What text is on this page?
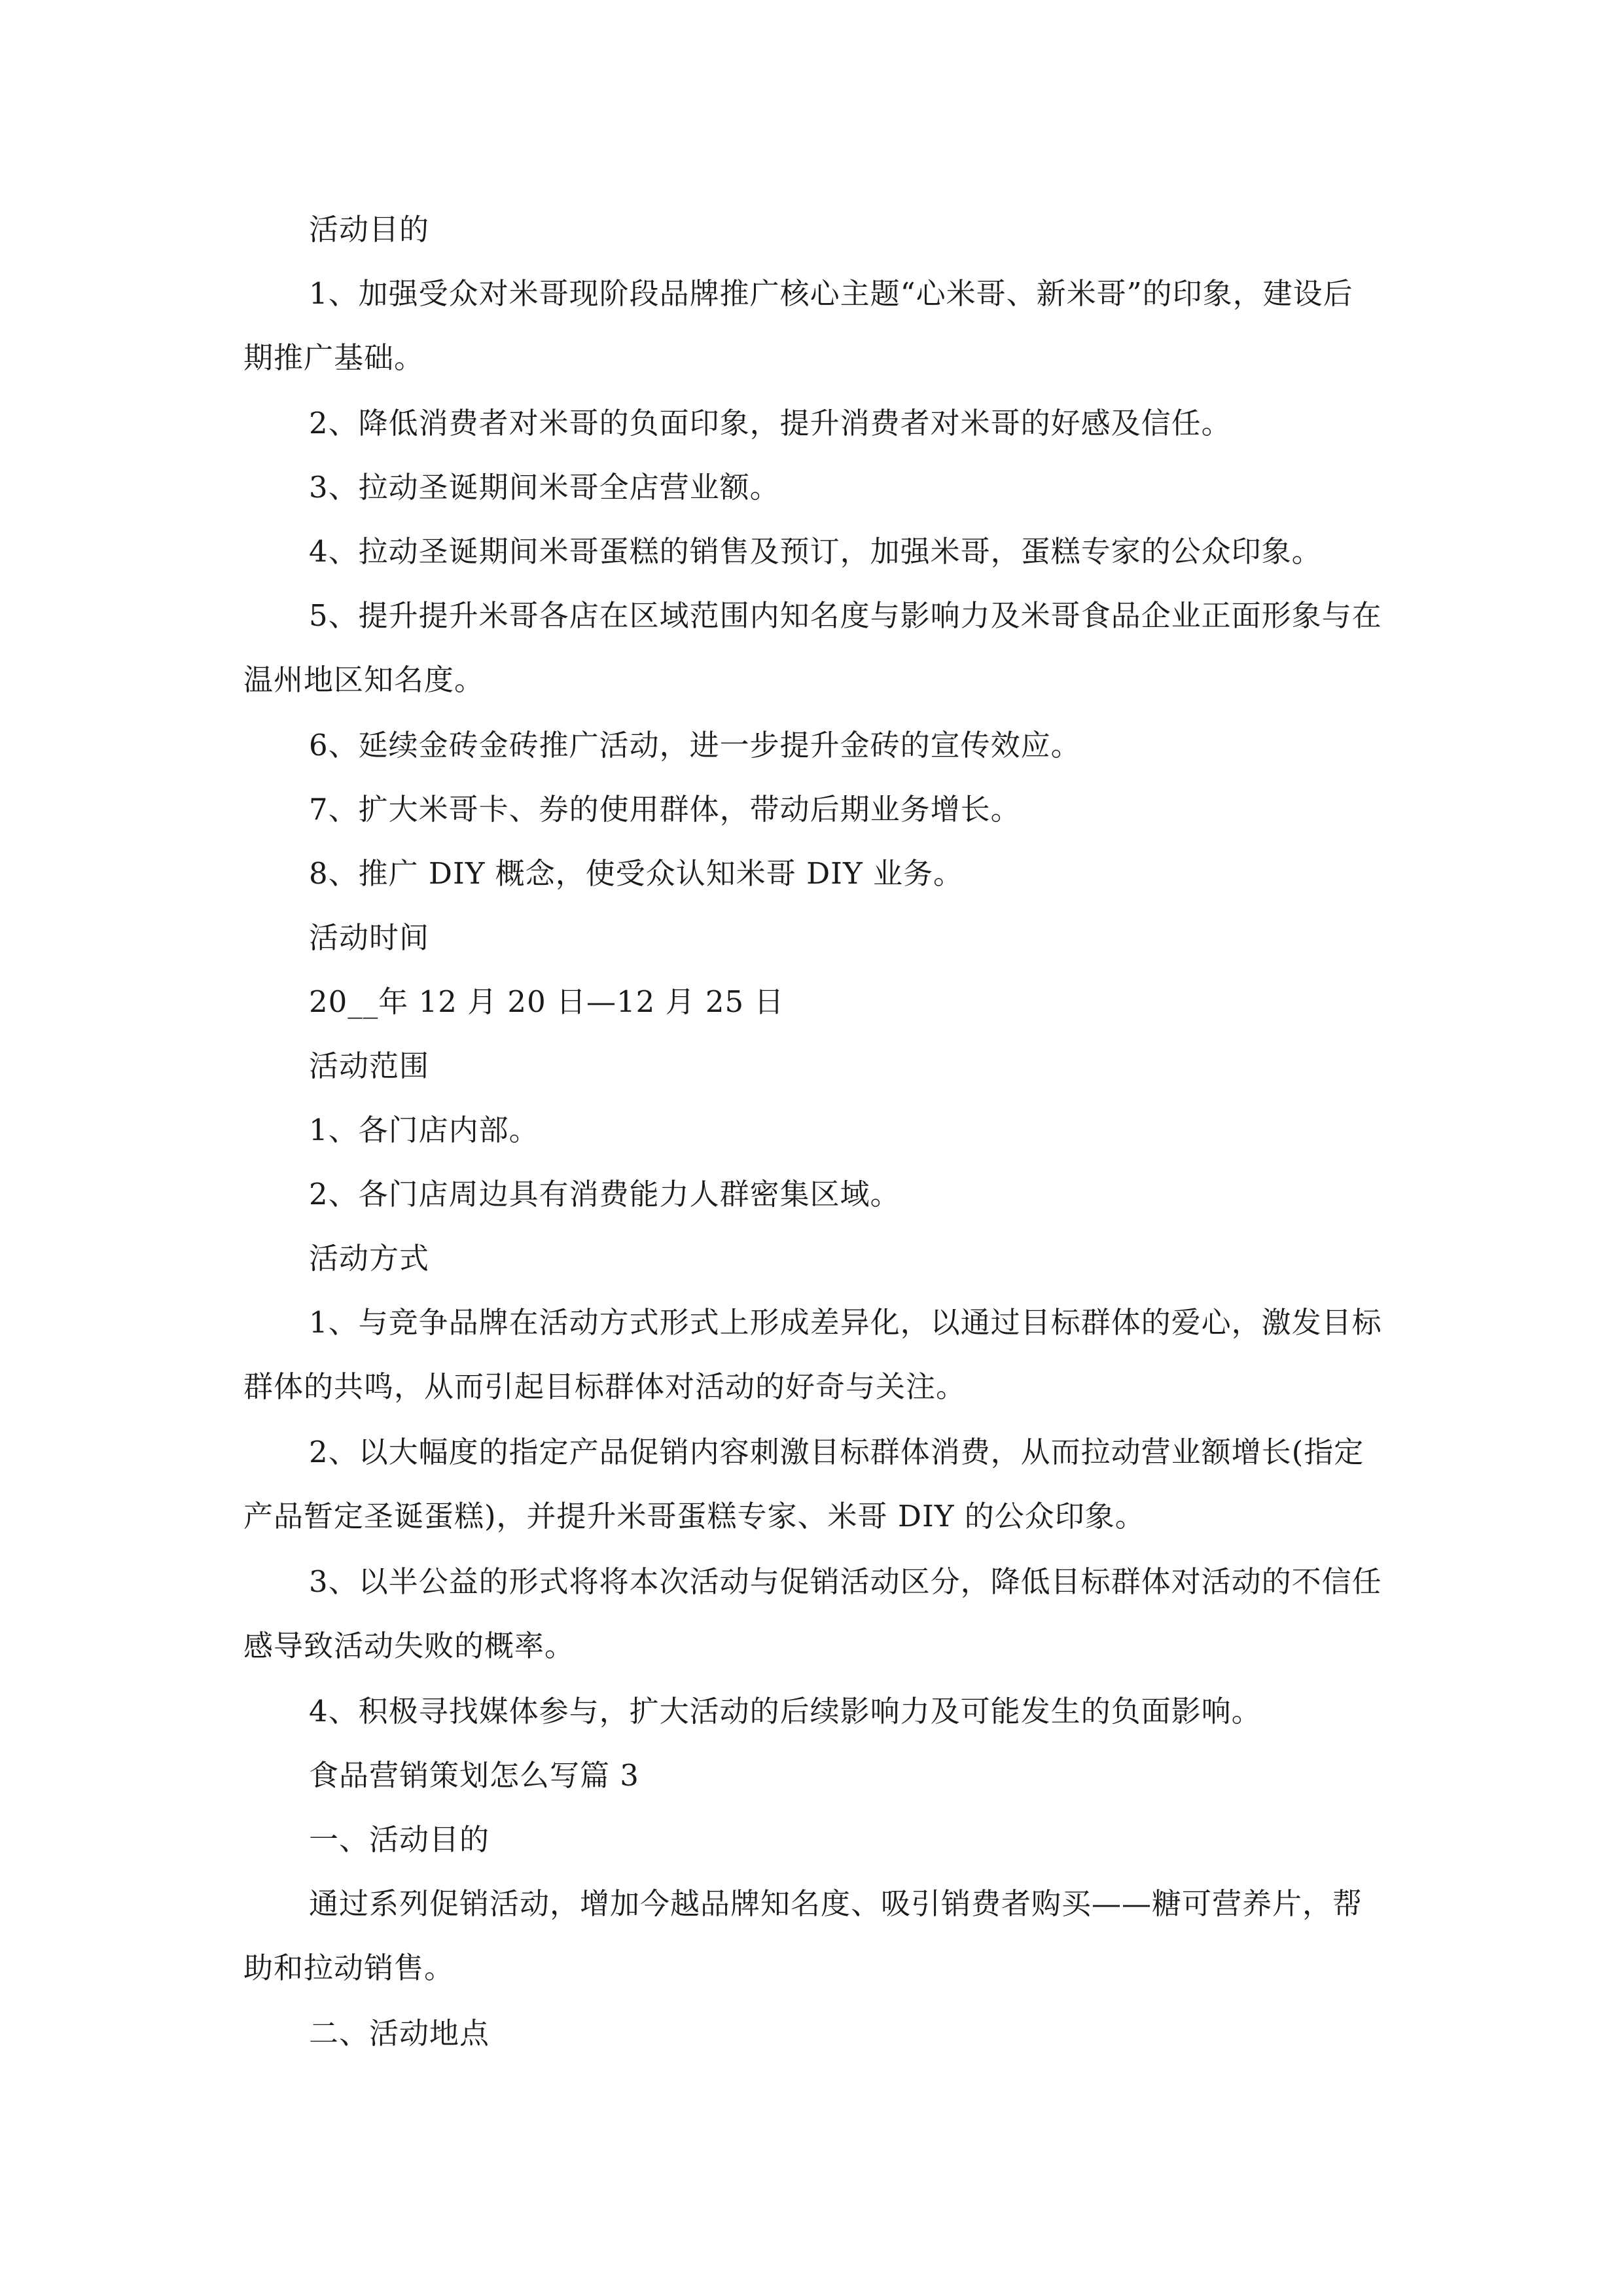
活动目的

1、加强受众对米哥现阶段品牌推广核心主题“心米哥、新米哥”的印象，建设后期推广基础。

2、降低消费者对米哥的负面印象，提升消费者对米哥的好感及信任。

3、拉动圣诞期间米哥全店营业额。

4、拉动圣诞期间米哥蛋糕的销售及预订，加强米哥，蛋糕专家的公众印象。

5、提升提升米哥各店在区域范围内知名度与影响力及米哥食品企业正面形象与在温州地区知名度。

6、延续金砖金砖推广活动，进一步提升金砖的宣传效应。

7、扩大米哥卡、券的使用群体，带动后期业务增长。

8、推广 DIY 概念，使受众认知米哥 DIY 业务。

活动时间

20__年 12 月 20 日—12 月 25 日

活动范围

1、各门店内部。

2、各门店周边具有消费能力人群密集区域。

活动方式

1、与竞争品牌在活动方式形式上形成差异化，以通过目标群体的爱心，激发目标群体的共鸣，从而引起目标群体对活动的好奇与关注。

2、以大幅度的指定产品促销内容刺激目标群体消费，从而拉动营业额增长(指定产品暂定圣诞蛋糕)，并提升米哥蛋糕专家、米哥 DIY 的公众印象。

3、以半公益的形式将将本次活动与促销活动区分，降低目标群体对活动的不信任感导致活动失败的概率。

4、积极寻找媒体参与，扩大活动的后续影响力及可能发生的负面影响。

食品营销策划怎么写篇 3

一、活动目的

通过系列促销活动，增加今越品牌知名度、吸引销费者购买——糖可营养片，帮助和拉动销售。

二、活动地点
